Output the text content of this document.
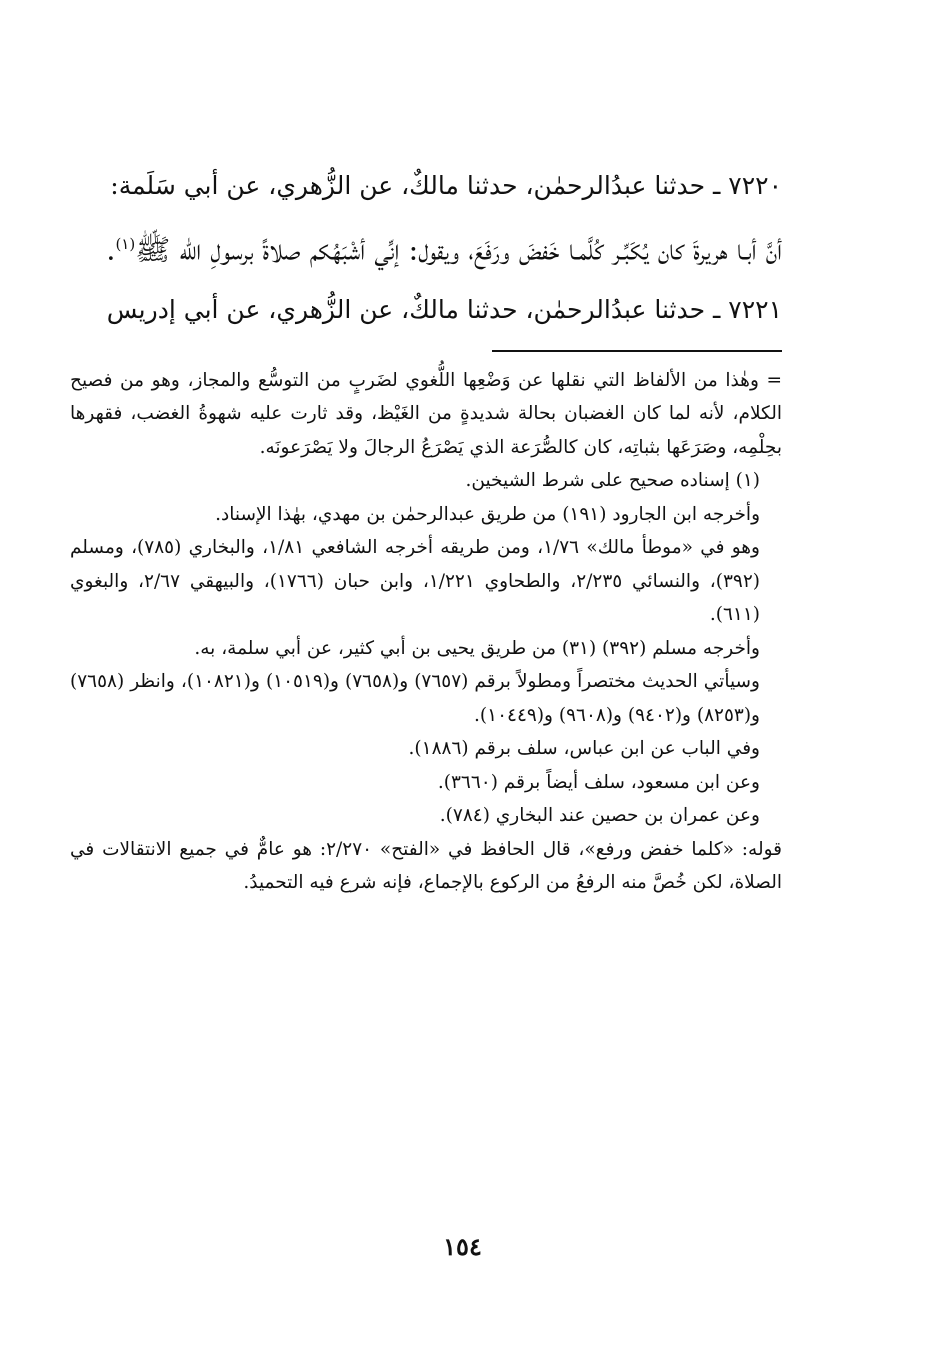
٧٢٢٠ ـ حدثنا عبدُالرحمٰن، حدثنا مالكٌ، عن الزُّهري، عن أبي سَلَمة:

أنَّ أبـا هريرةَ كان يُكَبِّـر كُلَّمـا خَفضَ ورَفَعَ، ويقول: إنِّي أشْبَهُكم صلاةً برسولِ الله ﷺ$^{(١)}$.

٧٢٢١ ـ حدثنا عبدُالرحمٰن، حدثنا مالكٌ، عن الزُّهري، عن أبي إدريس

= وهٰذا من الألفاظ التي نقلها عن وَضْعِها اللُّغوي لضَربٍ من التوسُّع والمجاز، وهو من فصيح الكلام، لأنه لما كان الغضبان بحالة شديدةٍ من الغَيْظ، وقد ثارت عليه شهوةُ الغضب، فقهرها بحِلْمِه، وصَرَعَها بثباتِه، كان كالصُّرَعة الذي يَصْرَعُ الرجالَ ولا يَصْرَعونَه.

(١) إسناده صحيح على شرط الشيخين.

وأخرجه ابن الجارود (١٩١) من طريق عبدالرحمٰن بن مهدي، بهٰذا الإسناد.

وهو في «موطأ مالك» ١/٧٦، ومن طريقه أخرجه الشافعي ١/٨١، والبخاري (٧٨٥)، ومسلم (٣٩٢)، والنسائي ٢/٢٣٥، والطحاوي ١/٢٢١، وابن حبان (١٧٦٦)، والبيهقي ٢/٦٧، والبغوي (٦١١).

وأخرجه مسلم (٣٩٢) (٣١) من طريق يحيى بن أبي كثير، عن أبي سلمة، به.

وسيأتي الحديث مختصراً ومطولاً برقم (٧٦٥٧) و(٧٦٥٨) و(١٠٥١٩) و(١٠٨٢١)، وانظر (٧٦٥٨) و(٨٢٥٣) و(٩٤٠٢) و(٩٦٠٨) و(١٠٤٤٩).

وفي الباب عن ابن عباس، سلف برقم (١٨٨٦).

وعن ابن مسعود، سلف أيضاً برقم (٣٦٦٠).

وعن عمران بن حصين عند البخاري (٧٨٤).

قوله: «كلما خفض ورفع»، قال الحافظ في «الفتح» ٢/٢٧٠: هو عامٌّ في جميع الانتقالات في الصلاة، لكن خُصَّ منه الرفعُ من الركوع بالإجماع، فإنه شرع فيه التحميدُ.

١٥٤
